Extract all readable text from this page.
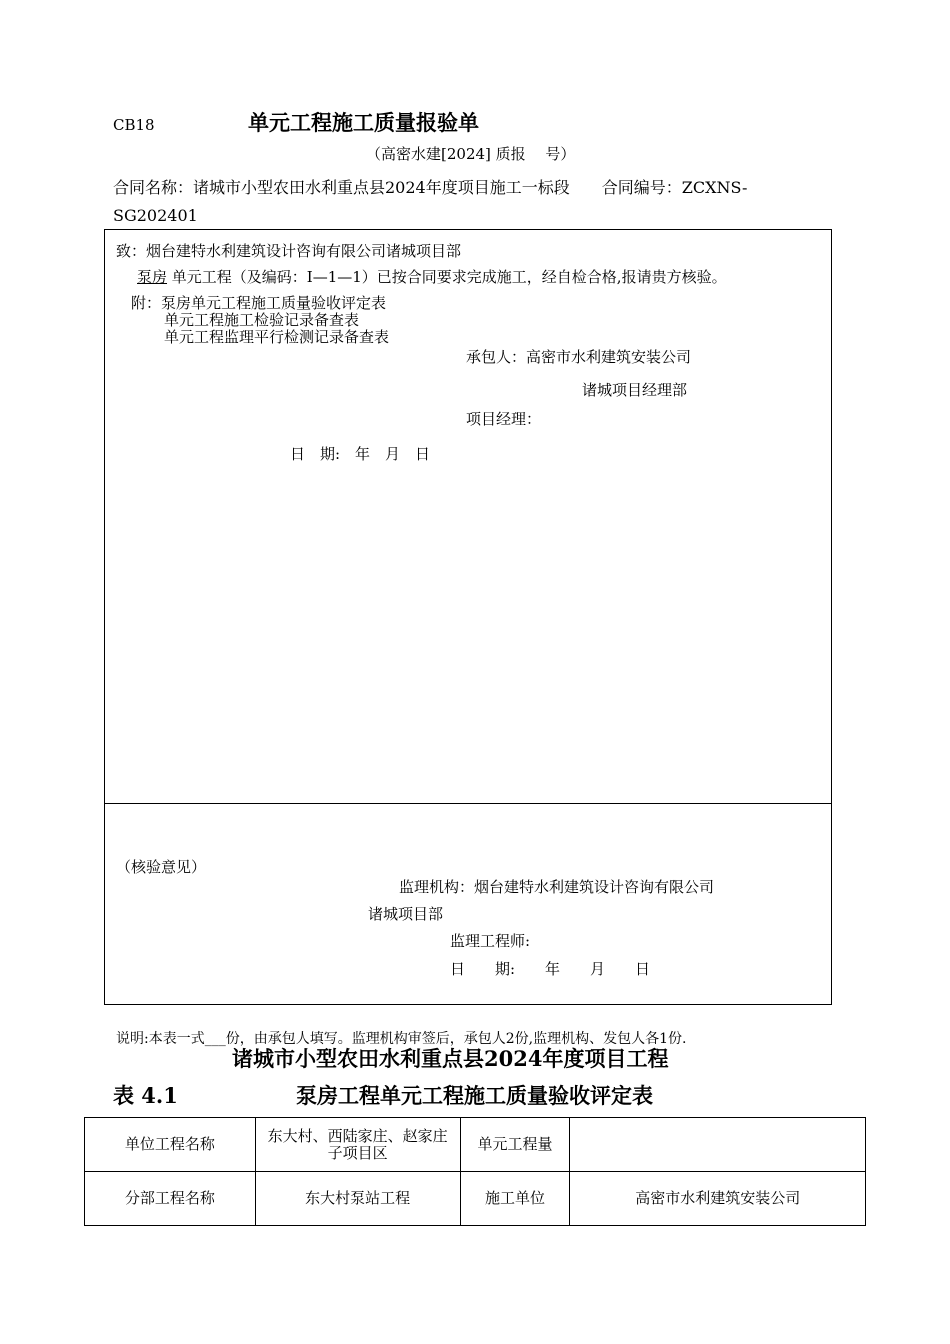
CB18	单元工程施工质量报验单
（高密水建[2024] 质报　 号）
合同名称：诸城市小型农田水利重点县2024年度项目施工一标段　　合同编号：ZCXNS-
SG202401
致：烟台建特水利建筑设计咨询有限公司诸城项目部
泵房 单元工程（及编码：Ⅰ—1—1）已按合同要求完成施工，经自检合格,报请贵方核验。
附：泵房单元工程施工质量验收评定表
单元工程施工检验记录备查表
单元工程监理平行检测记录备查表
承包人：高密市水利建筑安装公司
诸城项目经理部
项目经理：
日　期:　年　月　日
（核验意见）
监理机构：烟台建特水利建筑设计咨询有限公司
诸城项目部
监理工程师:
日　　期:　　年　　月　　日
说明:本表一式___份，由承包人填写。监理机构审签后，承包人2份,监理机构、发包人各1份.
诸城市小型农田水利重点县2024年度项目工程
表 4.1	泵房工程单元工程施工质量验收评定表
单位工程名称	东大村、西陆家庄、赵家庄子项目区	单元工程量	
分部工程名称	东大村泵站工程	施工单位	高密市水利建筑安装公司
